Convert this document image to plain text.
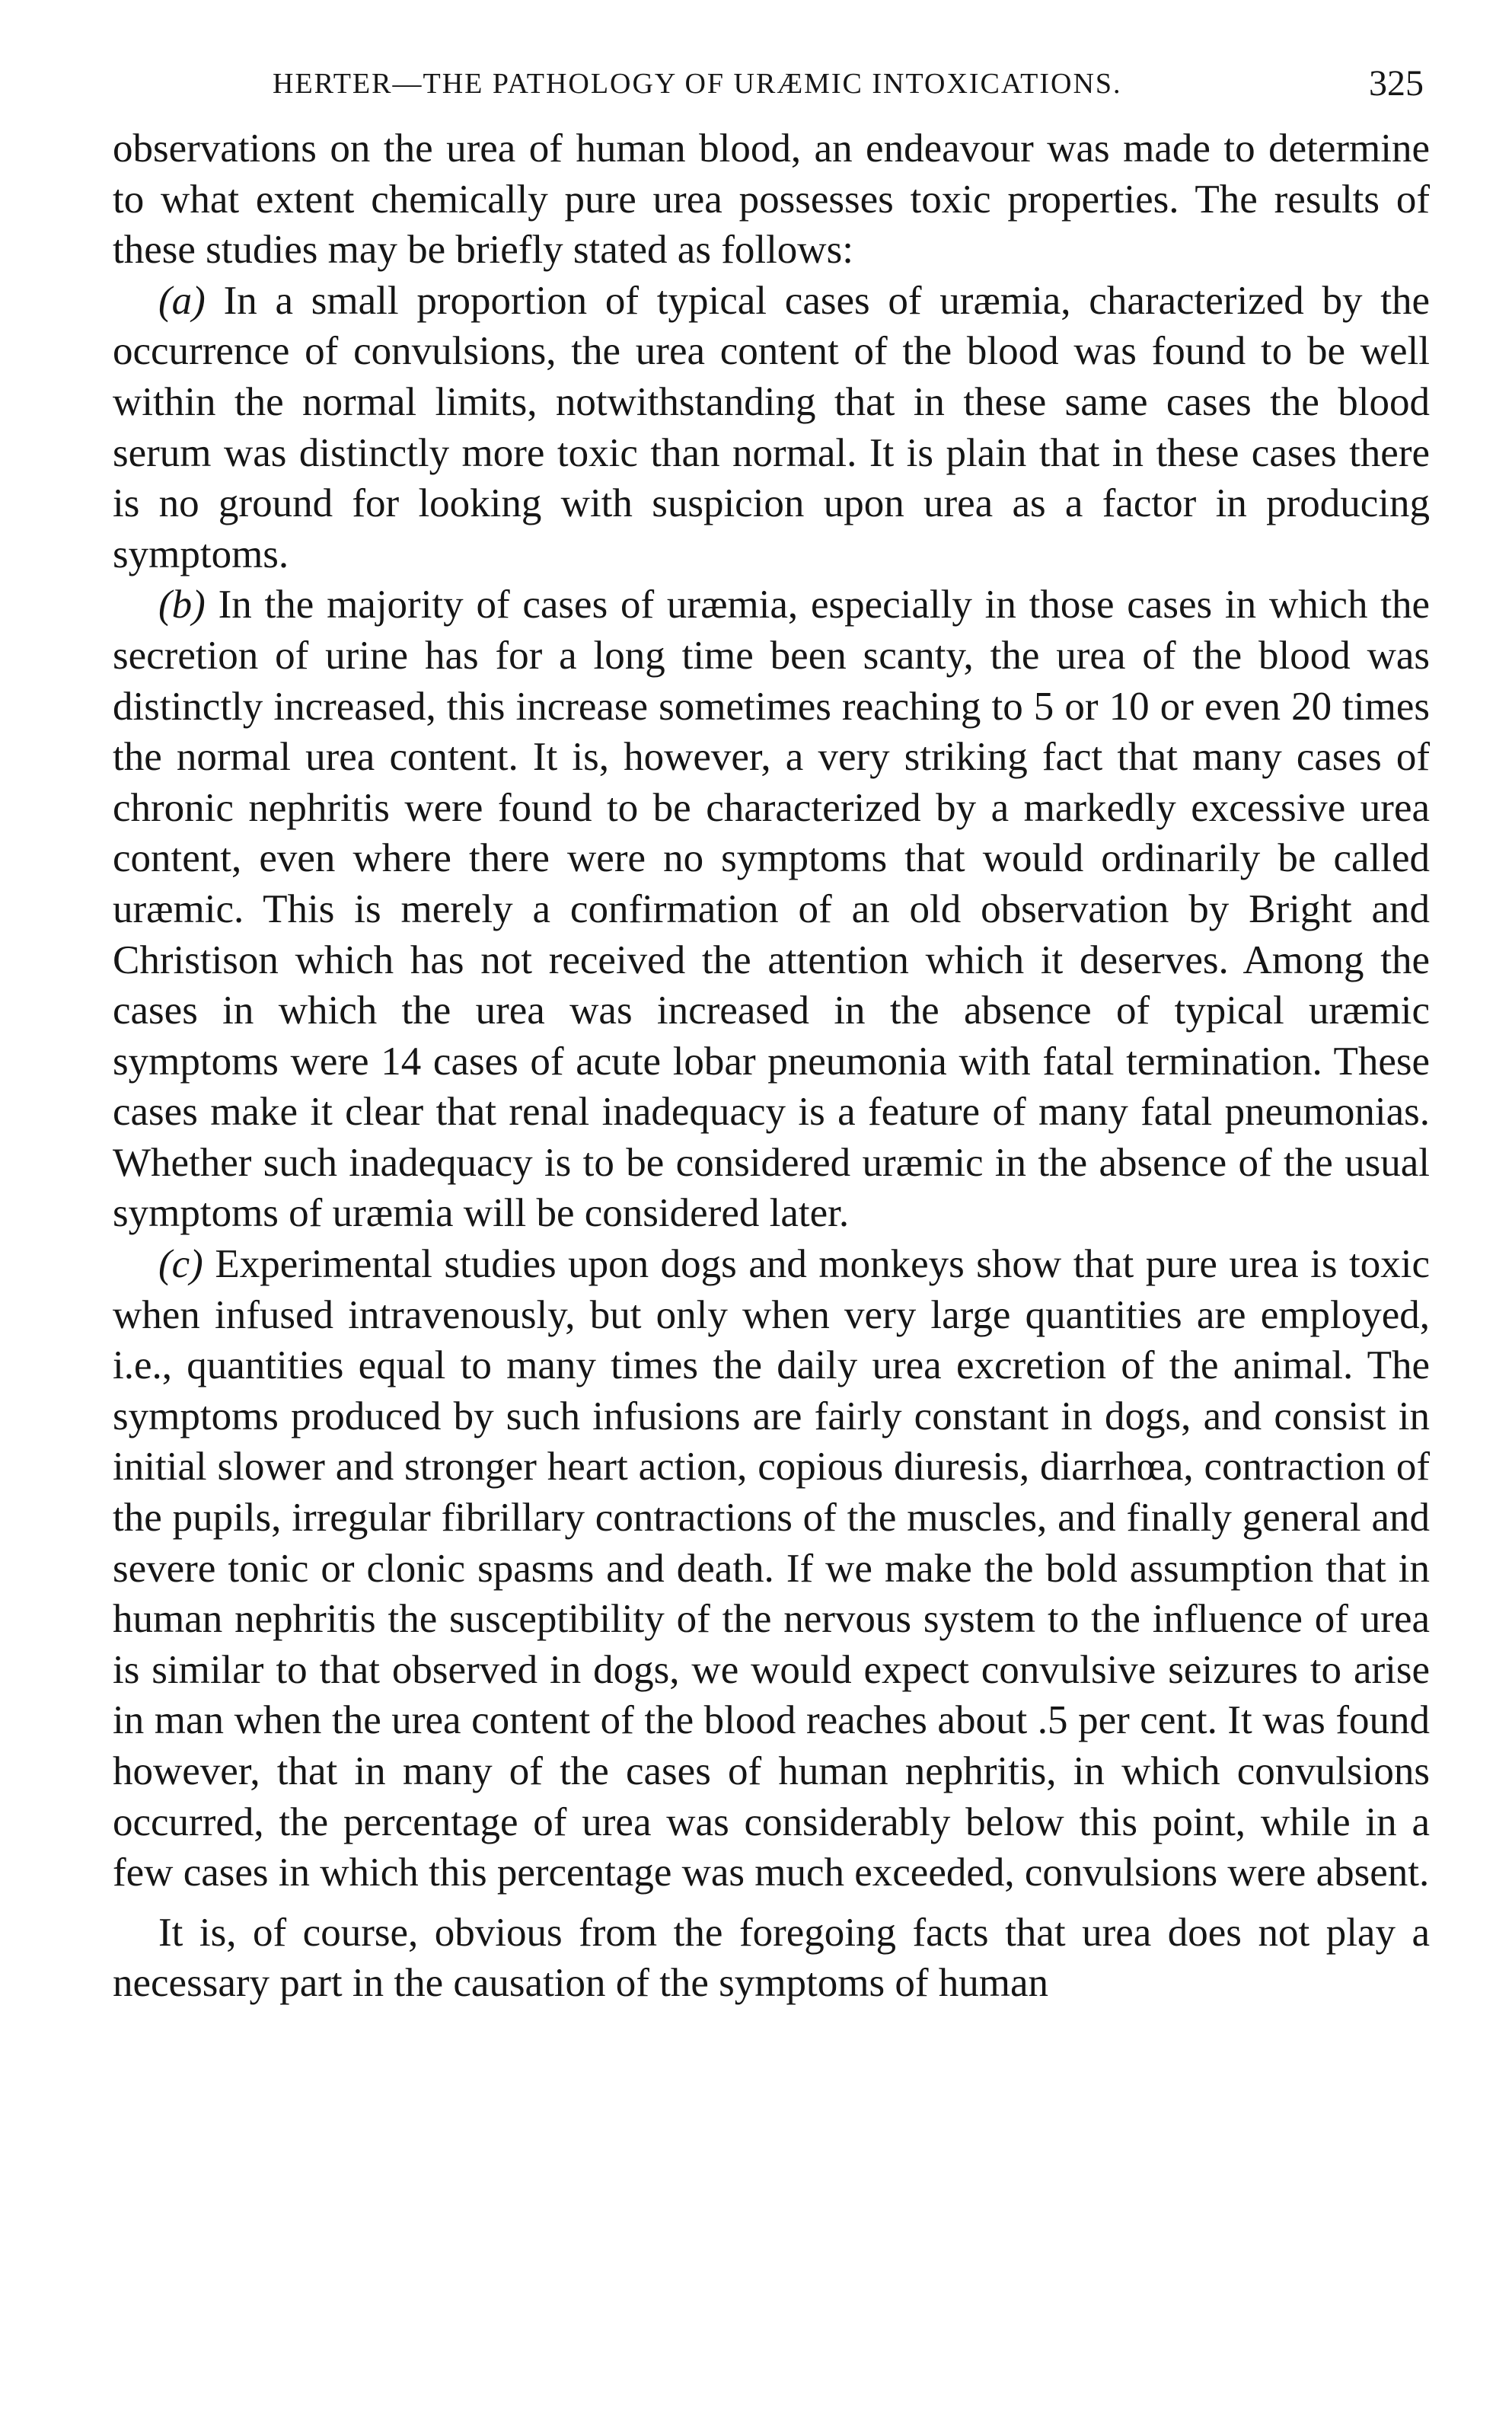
HERTER—THE PATHOLOGY OF URÆMIC INTOXICATIONS.	325

observations on the urea of human blood, an endeavour was made to determine to what extent chemically pure urea possesses toxic properties. The results of these studies may be briefly stated as follows:

(a) In a small proportion of typical cases of uræmia, characterized by the occurrence of convulsions, the urea content of the blood was found to be well within the normal limits, notwithstanding that in these same cases the blood serum was distinctly more toxic than normal. It is plain that in these cases there is no ground for looking with suspicion upon urea as a factor in producing symptoms.

(b) In the majority of cases of uræmia, especially in those cases in which the secretion of urine has for a long time been scanty, the urea of the blood was distinctly increased, this increase sometimes reaching to 5 or 10 or even 20 times the normal urea content. It is, however, a very striking fact that many cases of chronic nephritis were found to be characterized by a markedly excessive urea content, even where there were no symptoms that would ordinarily be called uræmic. This is merely a confirmation of an old observation by Bright and Christison which has not received the attention which it deserves. Among the cases in which the urea was increased in the absence of typical uræmic symptoms were 14 cases of acute lobar pneumonia with fatal termination. These cases make it clear that renal inadequacy is a feature of many fatal pneumonias. Whether such inadequacy is to be considered uræmic in the absence of the usual symptoms of uræmia will be considered later.

(c) Experimental studies upon dogs and monkeys show that pure urea is toxic when infused intravenously, but only when very large quantities are employed, i.e., quantities equal to many times the daily urea excretion of the animal. The symptoms produced by such infusions are fairly constant in dogs, and consist in initial slower and stronger heart action, copious diuresis, diarrhœa, contraction of the pupils, irregular fibrillary contractions of the muscles, and finally general and severe tonic or clonic spasms and death. If we make the bold assumption that in human nephritis the susceptibility of the nervous system to the influence of urea is similar to that observed in dogs, we would expect convulsive seizures to arise in man when the urea content of the blood reaches about .5 per cent. It was found however, that in many of the cases of human nephritis, in which convulsions occurred, the percentage of urea was considerably below this point, while in a few cases in which this percentage was much exceeded, convulsions were absent.

It is, of course, obvious from the foregoing facts that urea does not play a necessary part in the causation of the symptoms of human
